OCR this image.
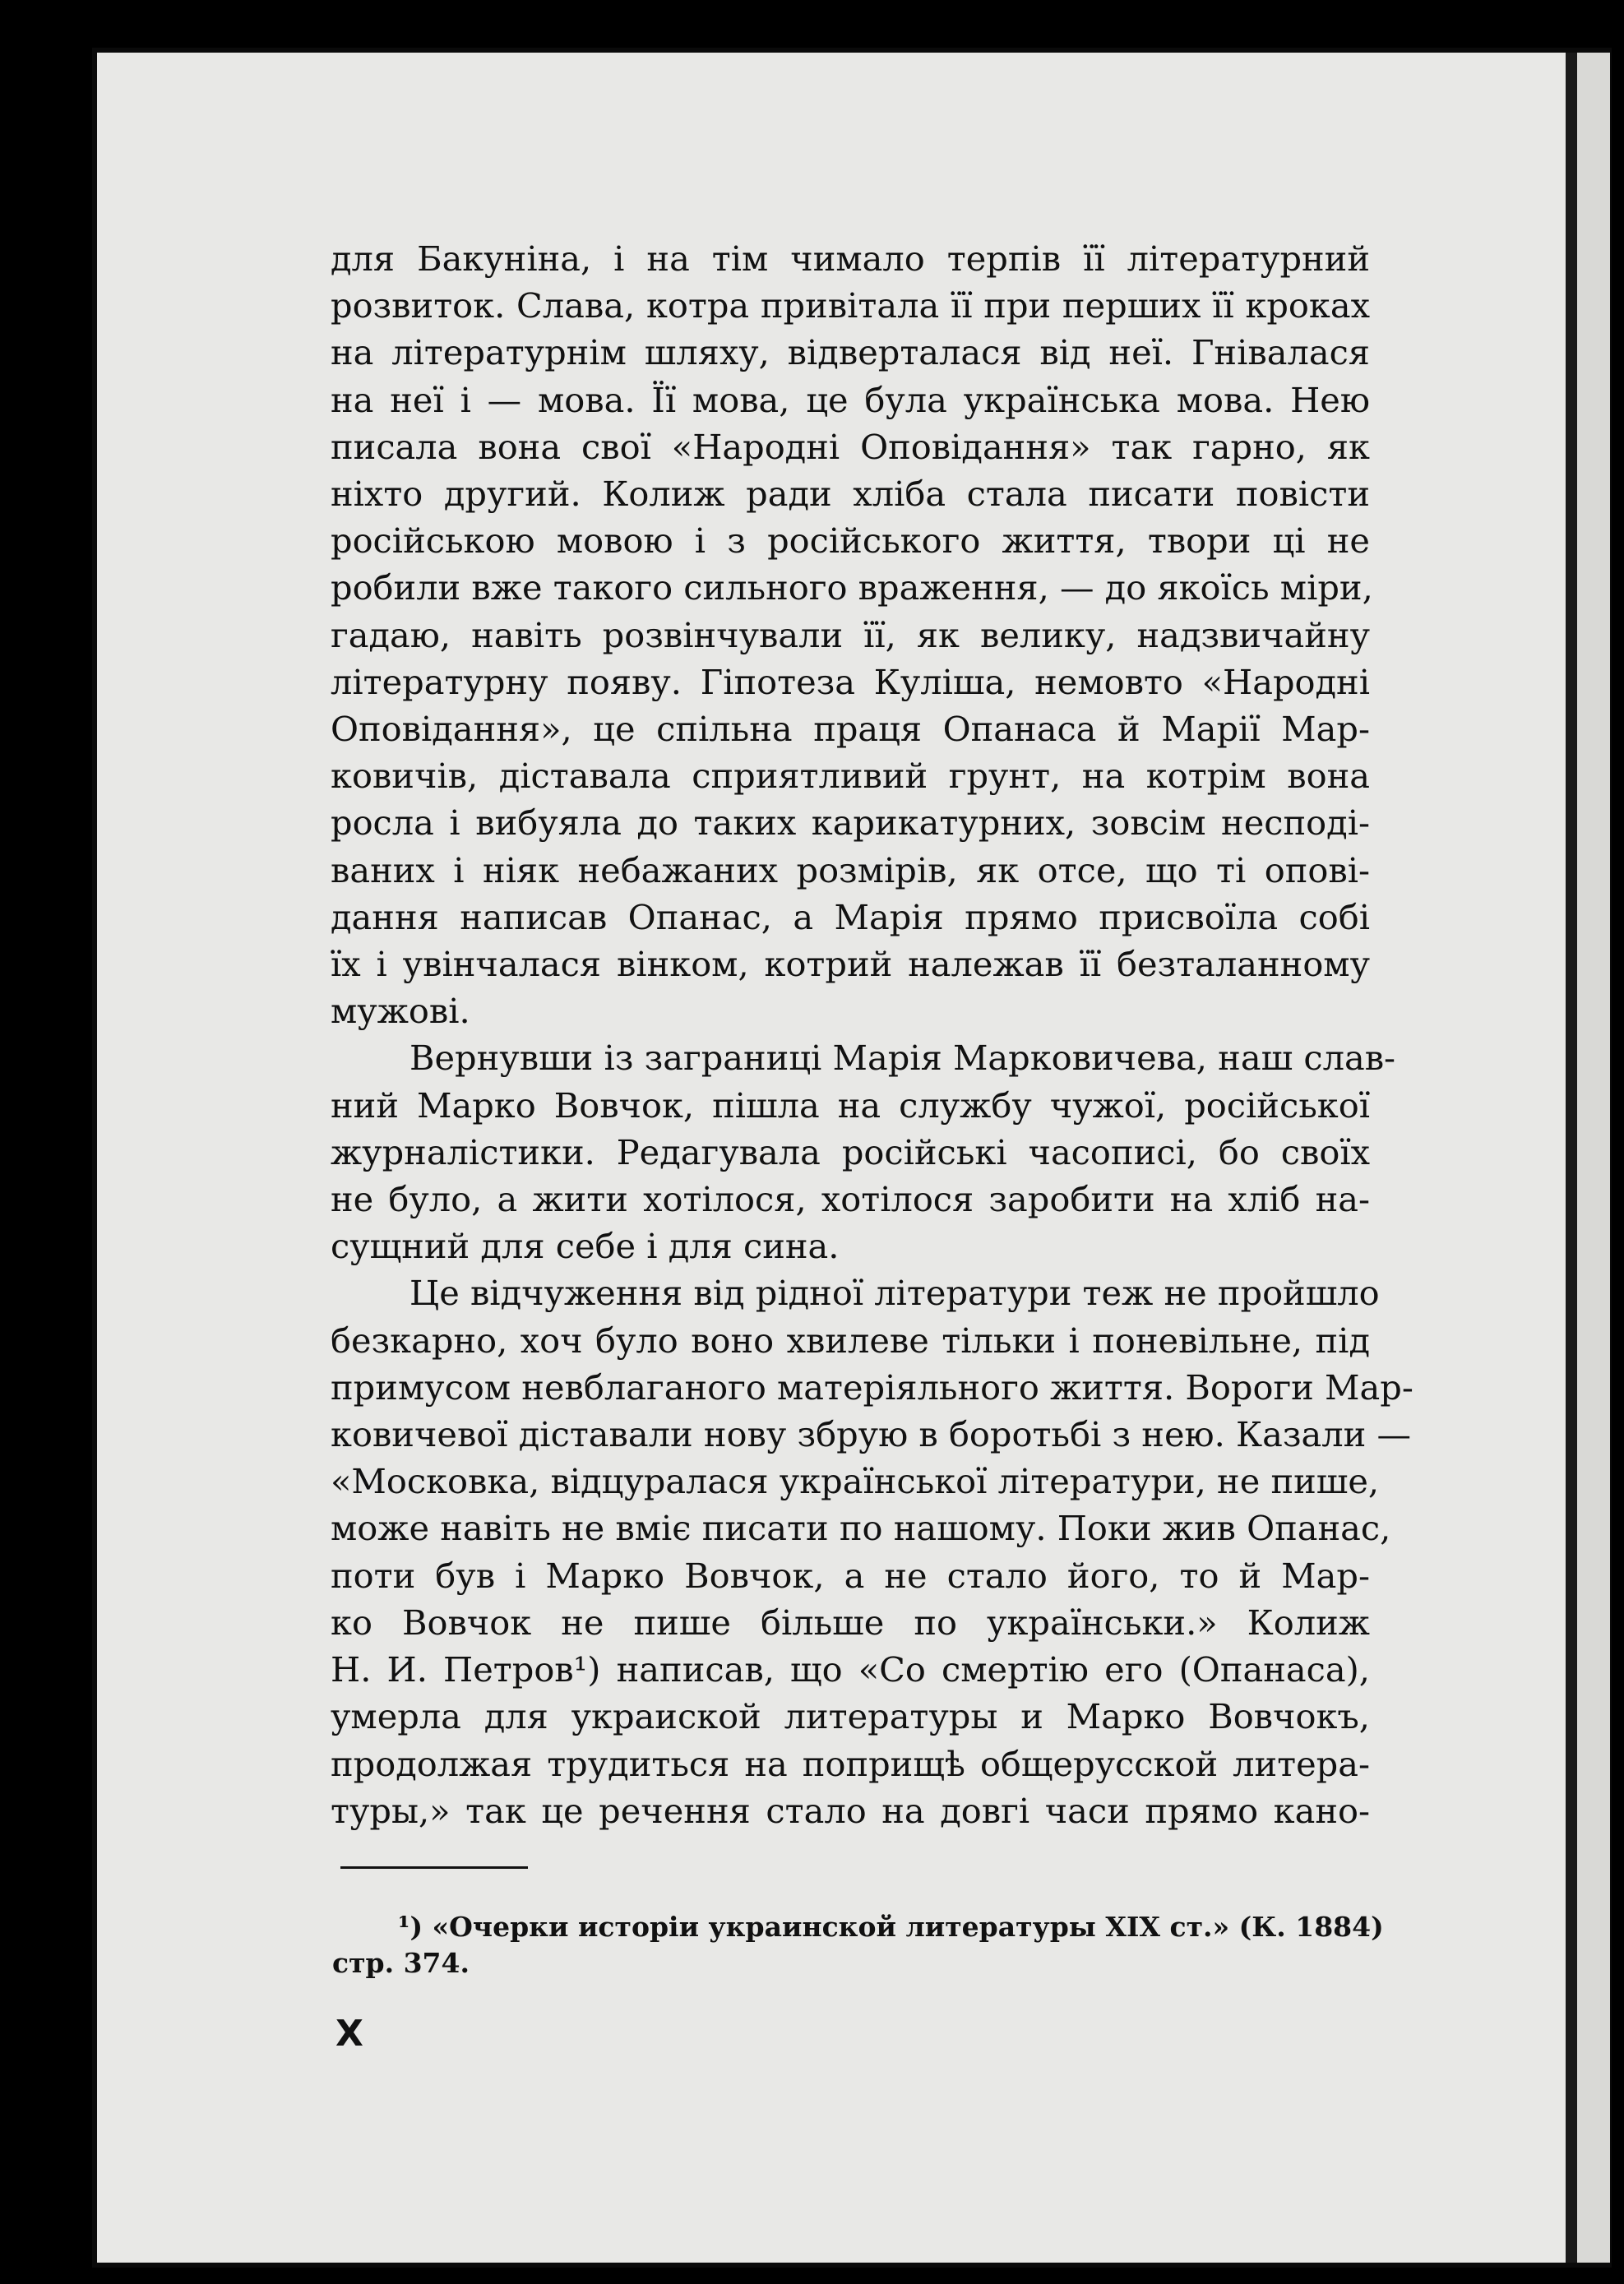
для Бакуніна, і на тім чимало терпів її літературний
розвиток. Слава, котра привітала її при перших її кроках
на літературнім шляху, відверталася від неї. Гнівалася
на неї і — мова. Її мова, це була українська мова. Нею
писала вона свої «Народні Оповідання» так гарно, як
ніхто другий. Колиж ради хліба стала писати повісти
російською мовою і з російського життя, твори ці не
робили вже такого сильного враження, — до якоїсь міри,
гадаю, навіть розвінчували її, як велику, надзвичайну
літературну появу. Гіпотеза Куліша, немовто «Народні
Оповідання», це спільна праця Опанаса й Марії Мар-
ковичів, діставала сприятливий грунт, на котрім вона
росла і вибуяла до таких карикатурних, зовсім несподі-
ваних і ніяк небажаних розмірів, як отсе, що ті опові-
дання написав Опанас, а Марія прямо присвоїла собі
їх і увінчалася вінком, котрий належав її безталанному
мужові.
Вернувши із заграниці Марія Марковичева, наш слав-
ний Марко Вовчок, пішла на службу чужої, російської
журналістики. Редагувала російські часописі, бо своїх
не було, а жити хотілося, хотілося заробити на хліб на-
сущний для себе і для сина.
Це відчуження від рідної літератури теж не пройшло
безкарно, хоч було воно хвилеве тільки і поневільне, під
примусом невблаганого матеріяльного життя. Вороги Мар-
ковичевої діставали нову збрую в боротьбі з нею. Казали —
«Московка, відцуралася української літератури, не пише,
може навіть не вміє писати по нашому. Поки жив Опанас,
поти був і Марко Вовчок, а не стало його, то й Мар-
ко Вовчок не пише більше по українськи.» Колиж
Н. И. Петров¹) написав, що «Со смертію его (Опанаса),
умерла для украиской литературы и Марко Вовчокъ,
продолжая трудиться на поприщѣ общерусской литера-
туры,» так це речення стало на довгі часи прямо кано-
¹) «Очерки исторіи украинской литературы XIX ст.» (К. 1884)
стр. 374.
X
